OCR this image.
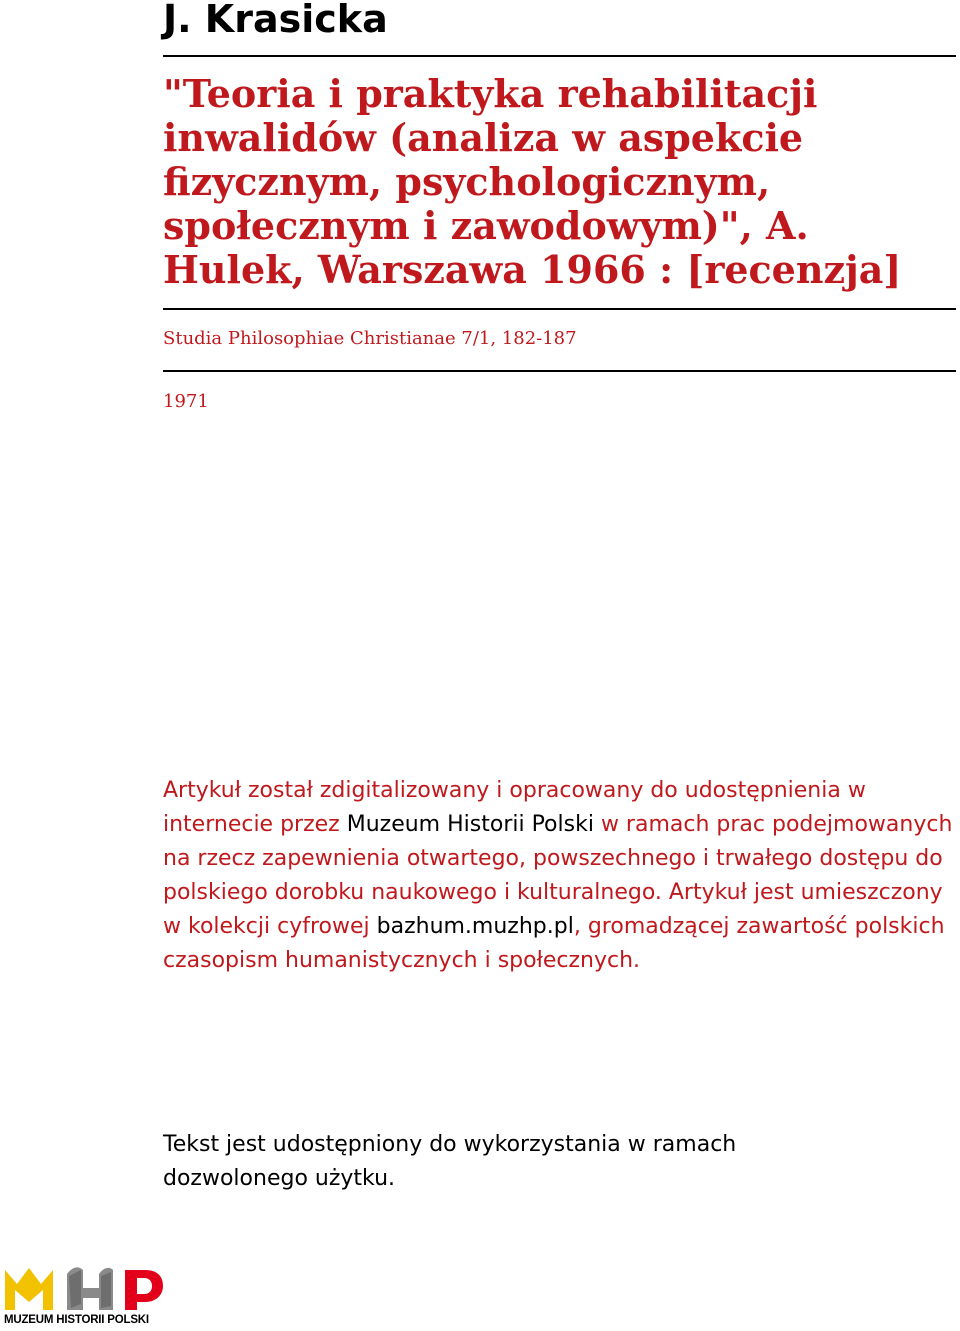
J. Krasicka
"Teoria i praktyka rehabilitacji inwalidów (analiza w aspekcie fizycznym, psychologicznym, społecznym i zawodowym)", A. Hulek, Warszawa 1966 : [recenzja]
Studia Philosophiae Christianae 7/1, 182-187
1971

Artykuł został zdigitalizowany i opracowany do udostępnienia w internecie przez Muzeum Historii Polski w ramach prac podejmowanych na rzecz zapewnienia otwartego, powszechnego i trwałego dostępu do polskiego dorobku naukowego i kulturalnego. Artykuł jest umieszczony w kolekcji cyfrowej bazhum.muzhp.pl, gromadzącej zawartość polskich czasopism humanistycznych i społecznych.

Tekst jest udostępniony do wykorzystania w ramach dozwolonego użytku.

MUZEUM HISTORII POLSKI
